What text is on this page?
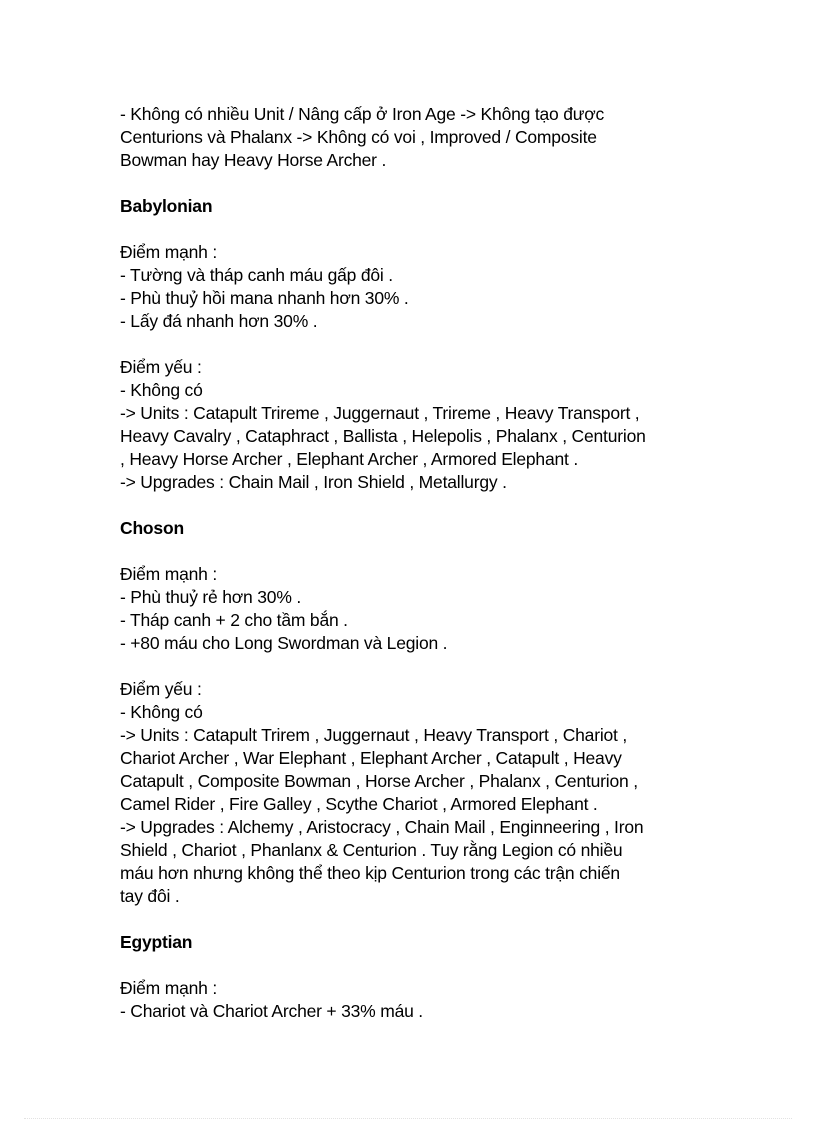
- Không có nhiều Unit / Nâng cấp ở Iron Age -> Không tạo được
Centurions và Phalanx -> Không có voi , Improved / Composite
Bowman hay Heavy Horse Archer .
Babylonian
Điểm mạnh :
- Tường và tháp canh máu gấp đôi .
- Phù thuỷ hồi mana nhanh hơn 30% .
- Lấy đá nhanh hơn 30% .
Điểm yếu :
- Không có
-> Units : Catapult Trireme , Juggernaut , Trireme , Heavy Transport ,
Heavy Cavalry , Cataphract , Ballista , Helepolis , Phalanx , Centurion
, Heavy Horse Archer , Elephant Archer , Armored Elephant .
-> Upgrades : Chain Mail , Iron Shield , Metallurgy .
Choson
Điểm mạnh :
- Phù thuỷ rẻ hơn 30% .
- Tháp canh + 2 cho tầm bắn .
- +80 máu cho Long Swordman và Legion .
Điểm yếu :
- Không có
-> Units : Catapult Trirem , Juggernaut , Heavy Transport , Chariot ,
Chariot Archer , War Elephant , Elephant Archer , Catapult , Heavy
Catapult , Composite Bowman , Horse Archer , Phalanx , Centurion ,
Camel Rider , Fire Galley , Scythe Chariot , Armored Elephant .
-> Upgrades : Alchemy , Aristocracy , Chain Mail , Enginneering , Iron
Shield , Chariot , Phanlanx & Centurion . Tuy rằng Legion có nhiều
máu hơn nhưng không thể theo kịp Centurion trong các trận chiến
tay đôi .
Egyptian
Điểm mạnh :
- Chariot và Chariot Archer + 33% máu .
